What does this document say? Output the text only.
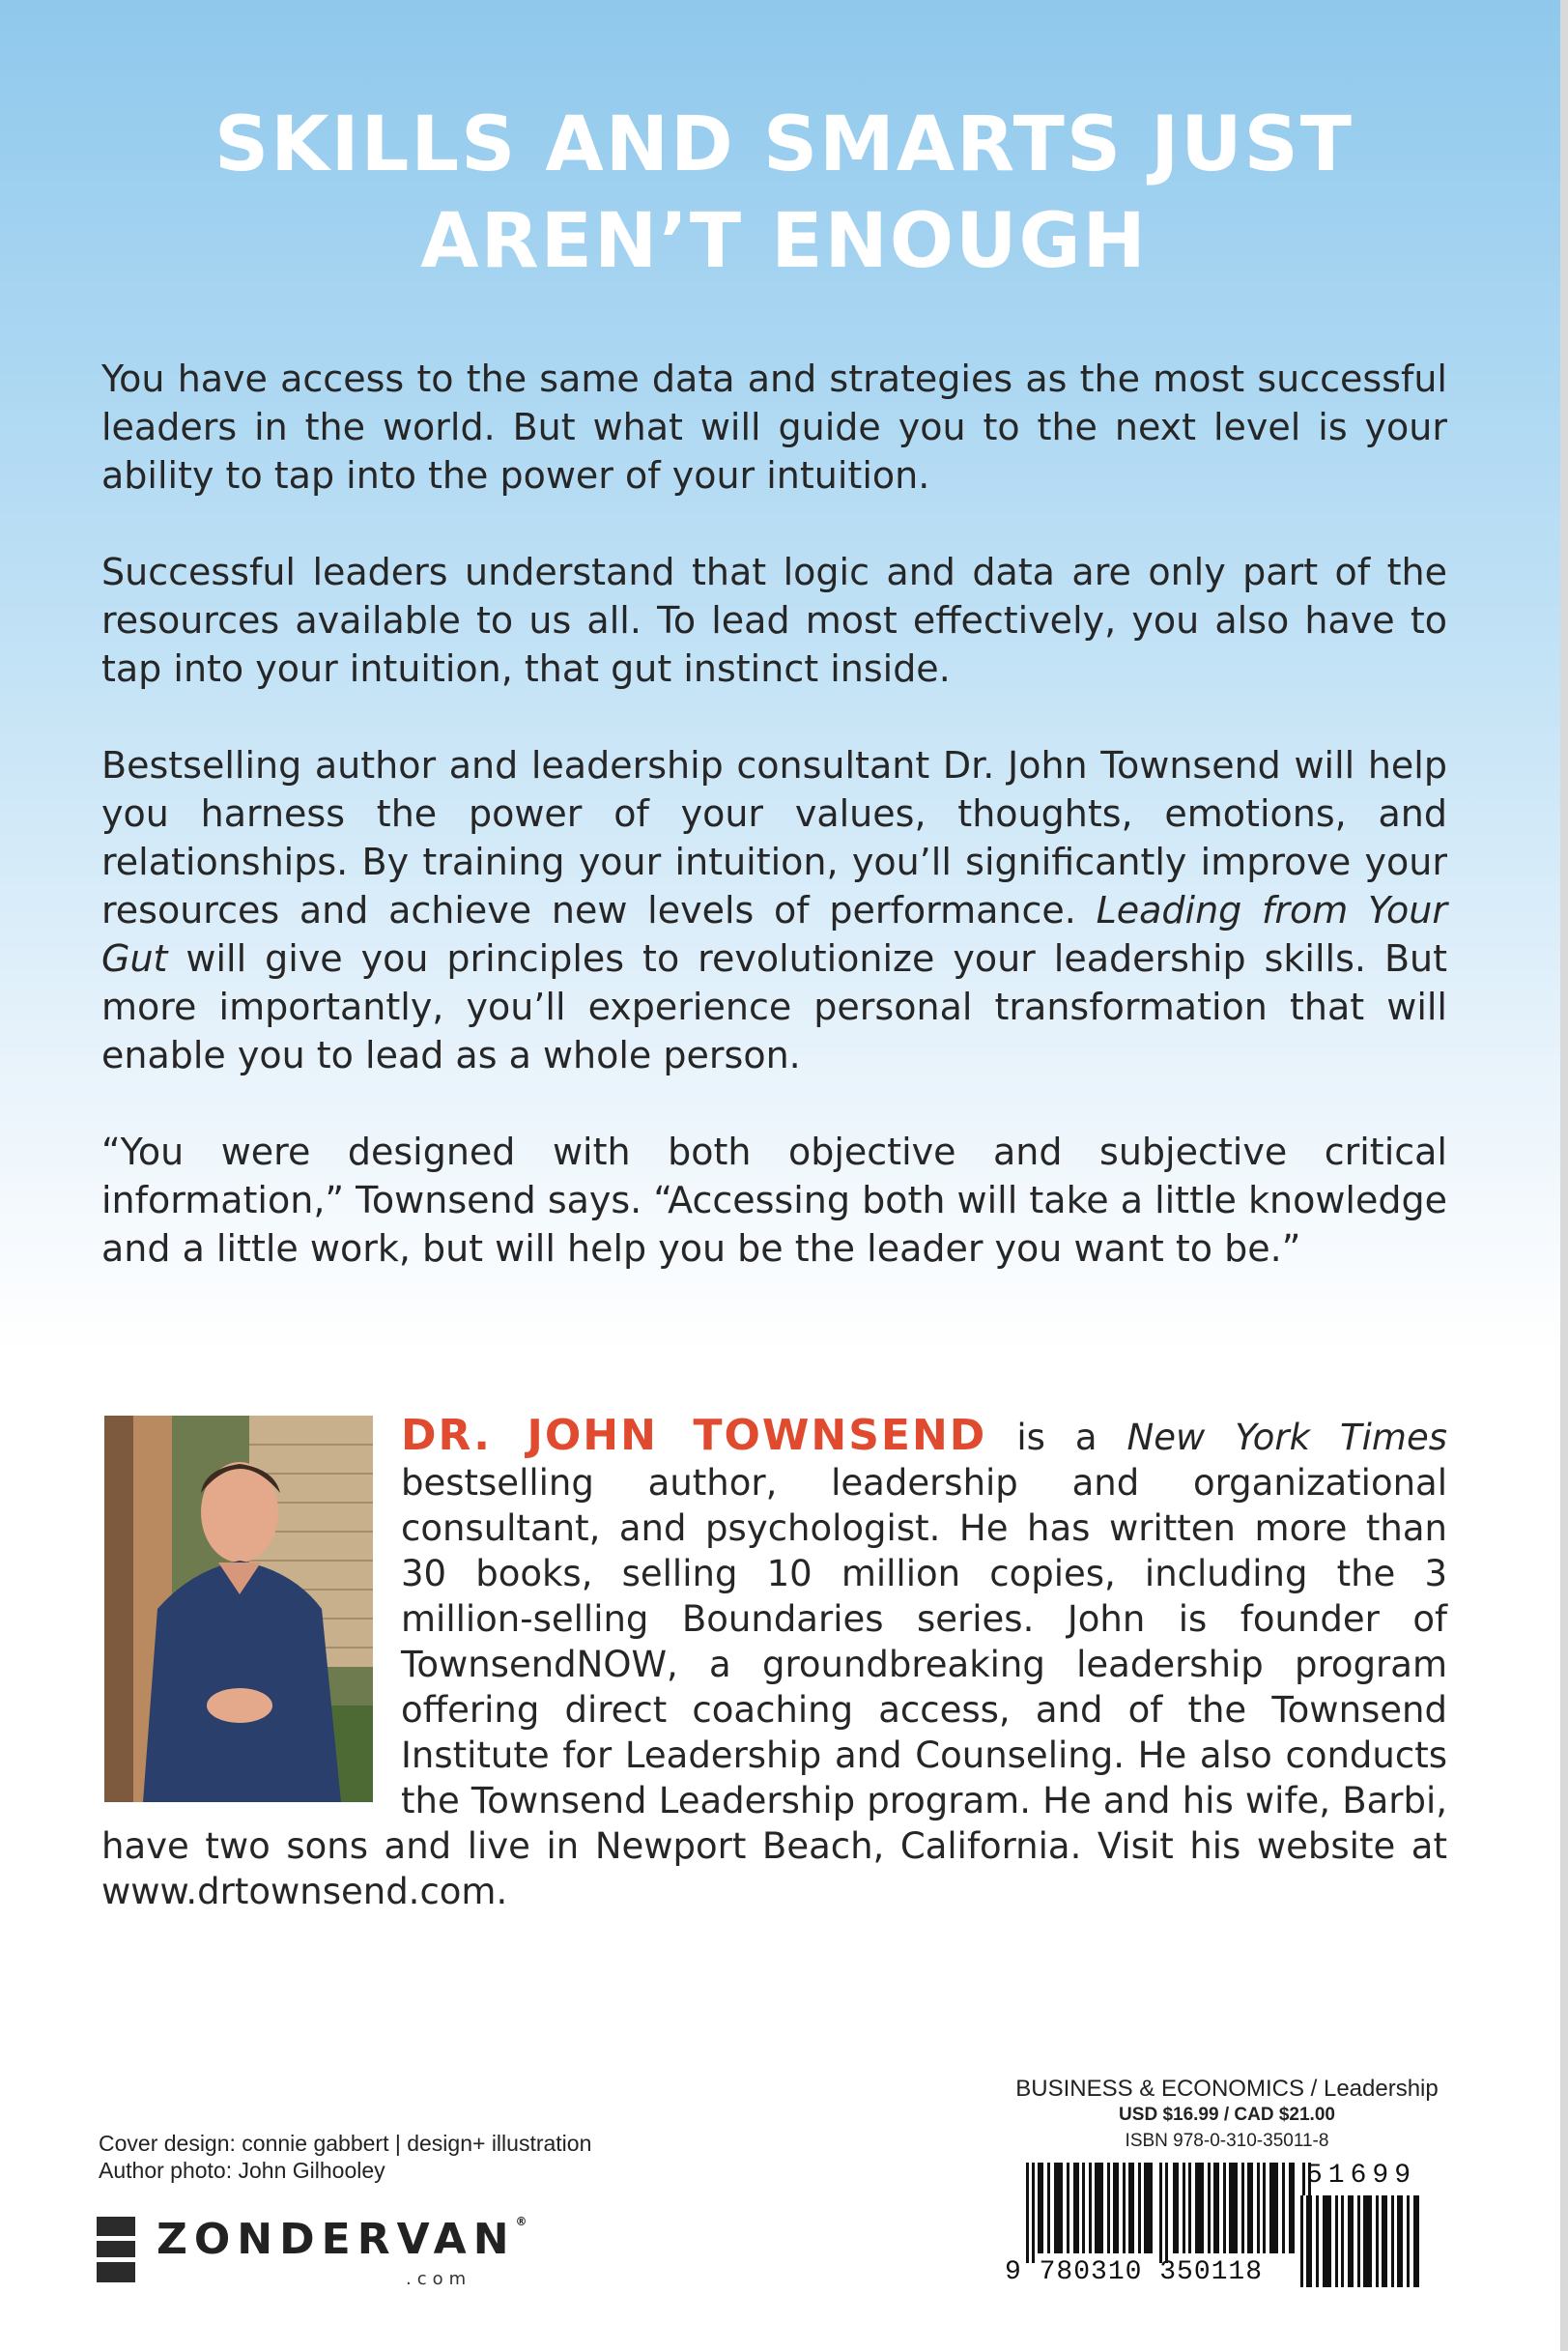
SKILLS AND SMARTS JUST
AREN’T ENOUGH

You have access to the same data and strategies as the most successful leaders in the world. But what will guide you to the next level is your ability to tap into the power of your intuition.

Successful leaders understand that logic and data are only part of the resources available to us all. To lead most effectively, you also have to tap into your intuition, that gut instinct inside.

Bestselling author and leadership consultant Dr. John Townsend will help you harness the power of your values, thoughts, emotions, and relationships. By training your intuition, you’ll significantly improve your resources and achieve new levels of performance. Leading from Your Gut will give you principles to revolutionize your leadership skills. But more importantly, you’ll experience personal transformation that will enable you to lead as a whole person.

“You were designed with both objective and subjective critical information,” Townsend says. “Accessing both will take a little knowledge and a little work, but will help you be the leader you want to be.”

DR. JOHN TOWNSEND is a New York Times bestselling author, leadership and organizational consultant, and psychologist. He has written more than 30 books, selling 10 million copies, including the 3 million-selling Boundaries series. John is founder of TownsendNOW, a groundbreaking leadership program offering direct coaching access, and of the Townsend Institute for Leadership and Counseling. He also conducts the Townsend Leadership program. He and his wife, Barbi, have two sons and live in Newport Beach, California. Visit his website at www.drtownsend.com.
Cover design: connie gabbert | design+ illustration
Author photo: John Gilhooley
ZONDERVAN®
.com
BUSINESS & ECONOMICS / Leadership
USD $16.99 / CAD $21.00
ISBN 978-0-310-35011-8
9 780310 350118
51699
